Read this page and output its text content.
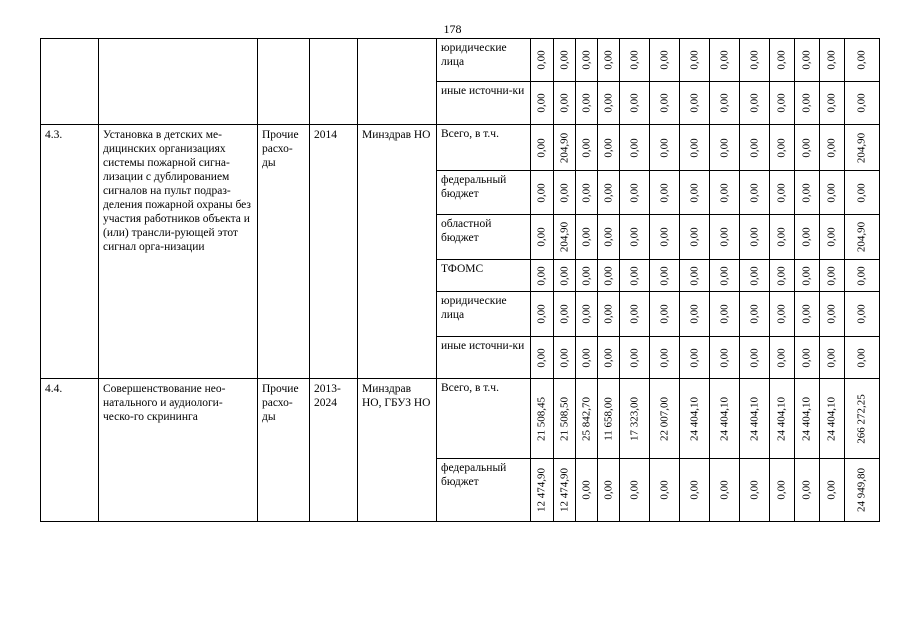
178
					юридические лица	0,00	0,00	0,00	0,00	0,00	0,00	0,00	0,00	0,00	0,00	0,00	0,00	0,00

					иные источни-ки	0,00	0,00	0,00	0,00	0,00	0,00	0,00	0,00	0,00	0,00	0,00	0,00	0,00

4.3.	Установка в детских ме-дицинских организациях системы пожарной сигна-лизации с дублированием сигналов на пульт подраз-деления пожарной охраны без участия работников объекта и (или) трансли-рующей этот сигнал орга-низации	Прочие расхо-ды	2014	Минздрав НО	Всего, в т.ч.	0,00	204,90	0,00	0,00	0,00	0,00	0,00	0,00	0,00	0,00	0,00	0,00	204,90

					федеральный бюджет	0,00	0,00	0,00	0,00	0,00	0,00	0,00	0,00	0,00	0,00	0,00	0,00	0,00

					областной бюджет	0,00	204,90	0,00	0,00	0,00	0,00	0,00	0,00	0,00	0,00	0,00	0,00	204,90

					ТФОМС	0,00	0,00	0,00	0,00	0,00	0,00	0,00	0,00	0,00	0,00	0,00	0,00	0,00

					юридические лица	0,00	0,00	0,00	0,00	0,00	0,00	0,00	0,00	0,00	0,00	0,00	0,00	0,00

					иные источни-ки	0,00	0,00	0,00	0,00	0,00	0,00	0,00	0,00	0,00	0,00	0,00	0,00	0,00

4.4.	Совершенствование нео-натального и аудиологи-ческо-го скрининга	Прочие расхо-ды	2013-2024	Минздрав НО, ГБУЗ НО	Всего, в т.ч.	21 508,45	21 508,50	25 842,70	11 658,00	17 323,00	22 007,00	24 404,10	24 404,10	24 404,10	24 404,10	24 404,10	24 404,10	266 272,25

					федеральный бюджет	12 474,90	12 474,90	0,00	0,00	0,00	0,00	0,00	0,00	0,00	0,00	0,00	0,00	24 949,80
